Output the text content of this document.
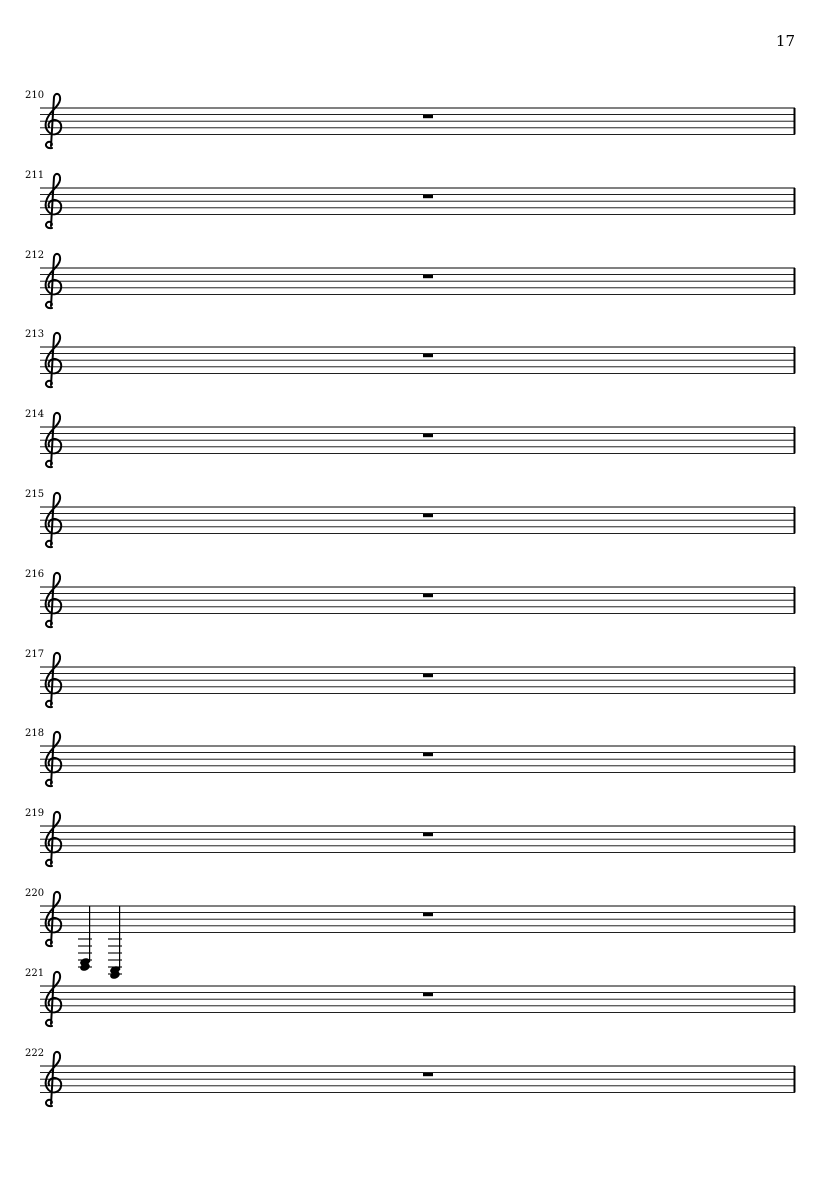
17
210
211
212
213
214
215
216
217
218
219
220
221
222
